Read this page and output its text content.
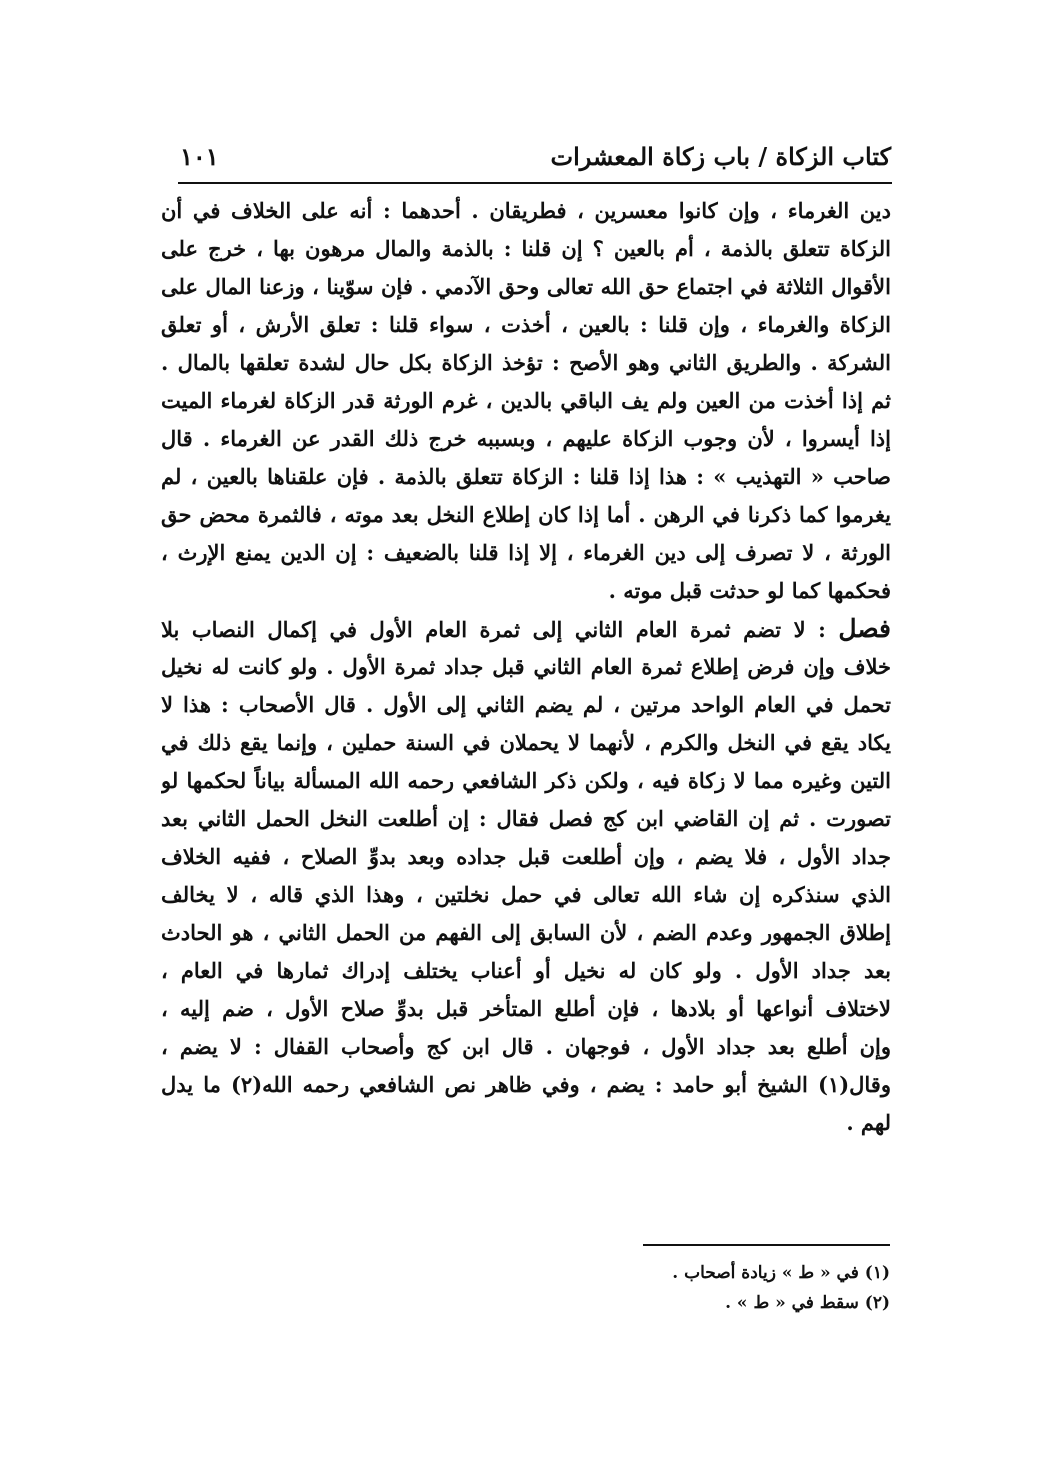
كتاب الزكاة / باب زكاة المعشرات
١٠١
دين الغرماء ، وإن كانوا معسرين ، فطريقان . أحدهما : أنه على الخلاف في أن
الزكاة تتعلق بالذمة ، أم بالعين ؟ إن قلنا : بالذمة والمال مرهون بها ، خرج على
الأقوال الثلاثة في اجتماع حق الله تعالى وحق الآدمي . فإن سوّينا ، وزعنا المال على
الزكاة والغرماء ، وإن قلنا : بالعين ، أخذت ، سواء قلنا : تعلق الأرش ، أو تعلق
الشركة . والطريق الثاني وهو الأصح : تؤخذ الزكاة بكل حال لشدة تعلقها بالمال .
ثم إذا أخذت من العين ولم يف الباقي بالدين ، غرم الورثة قدر الزكاة لغرماء الميت
إذا أيسروا ، لأن وجوب الزكاة عليهم ، وبسببه خرج ذلك القدر عن الغرماء . قال
صاحب « التهذيب » : هذا إذا قلنا : الزكاة تتعلق بالذمة . فإن علقناها بالعين ، لم
يغرموا كما ذكرنا في الرهن . أما إذا كان إطلاع النخل بعد موته ، فالثمرة محض حق
الورثة ، لا تصرف إلى دين الغرماء ، إلا إذا قلنا بالضعيف : إن الدين يمنع الإرث ،
فحكمها كما لو حدثت قبل موته .
فصل : لا تضم ثمرة العام الثاني إلى ثمرة العام الأول في إكمال النصاب بلا
خلاف وإن فرض إطلاع ثمرة العام الثاني قبل جداد ثمرة الأول . ولو كانت له نخيل
تحمل في العام الواحد مرتين ، لم يضم الثاني إلى الأول . قال الأصحاب : هذا لا
يكاد يقع في النخل والكرم ، لأنهما لا يحملان في السنة حملين ، وإنما يقع ذلك في
التين وغيره مما لا زكاة فيه ، ولكن ذكر الشافعي رحمه الله المسألة بياناً لحكمها لو
تصورت . ثم إن القاضي ابن كج فصل فقال : إن أطلعت النخل الحمل الثاني بعد
جداد الأول ، فلا يضم ، وإن أطلعت قبل جداده وبعد بدوِّ الصلاح ، ففيه الخلاف
الذي سنذكره إن شاء الله تعالى في حمل نخلتين ، وهذا الذي قاله ، لا يخالف
إطلاق الجمهور وعدم الضم ، لأن السابق إلى الفهم من الحمل الثاني ، هو الحادث
بعد جداد الأول . ولو كان له نخيل أو أعناب يختلف إدراك ثمارها في العام ،
لاختلاف أنواعها أو بلادها ، فإن أطلع المتأخر قبل بدوِّ صلاح الأول ، ضم إليه ،
وإن أطلع بعد جداد الأول ، فوجهان . قال ابن كج وأصحاب القفال : لا يضم ،
وقال(١) الشيخ أبو حامد : يضم ، وفي ظاهر نص الشافعي رحمه الله(٢) ما يدل
لهم .
(١) في « ط » زيادة أصحاب .
(٢) سقط في « ط » .
